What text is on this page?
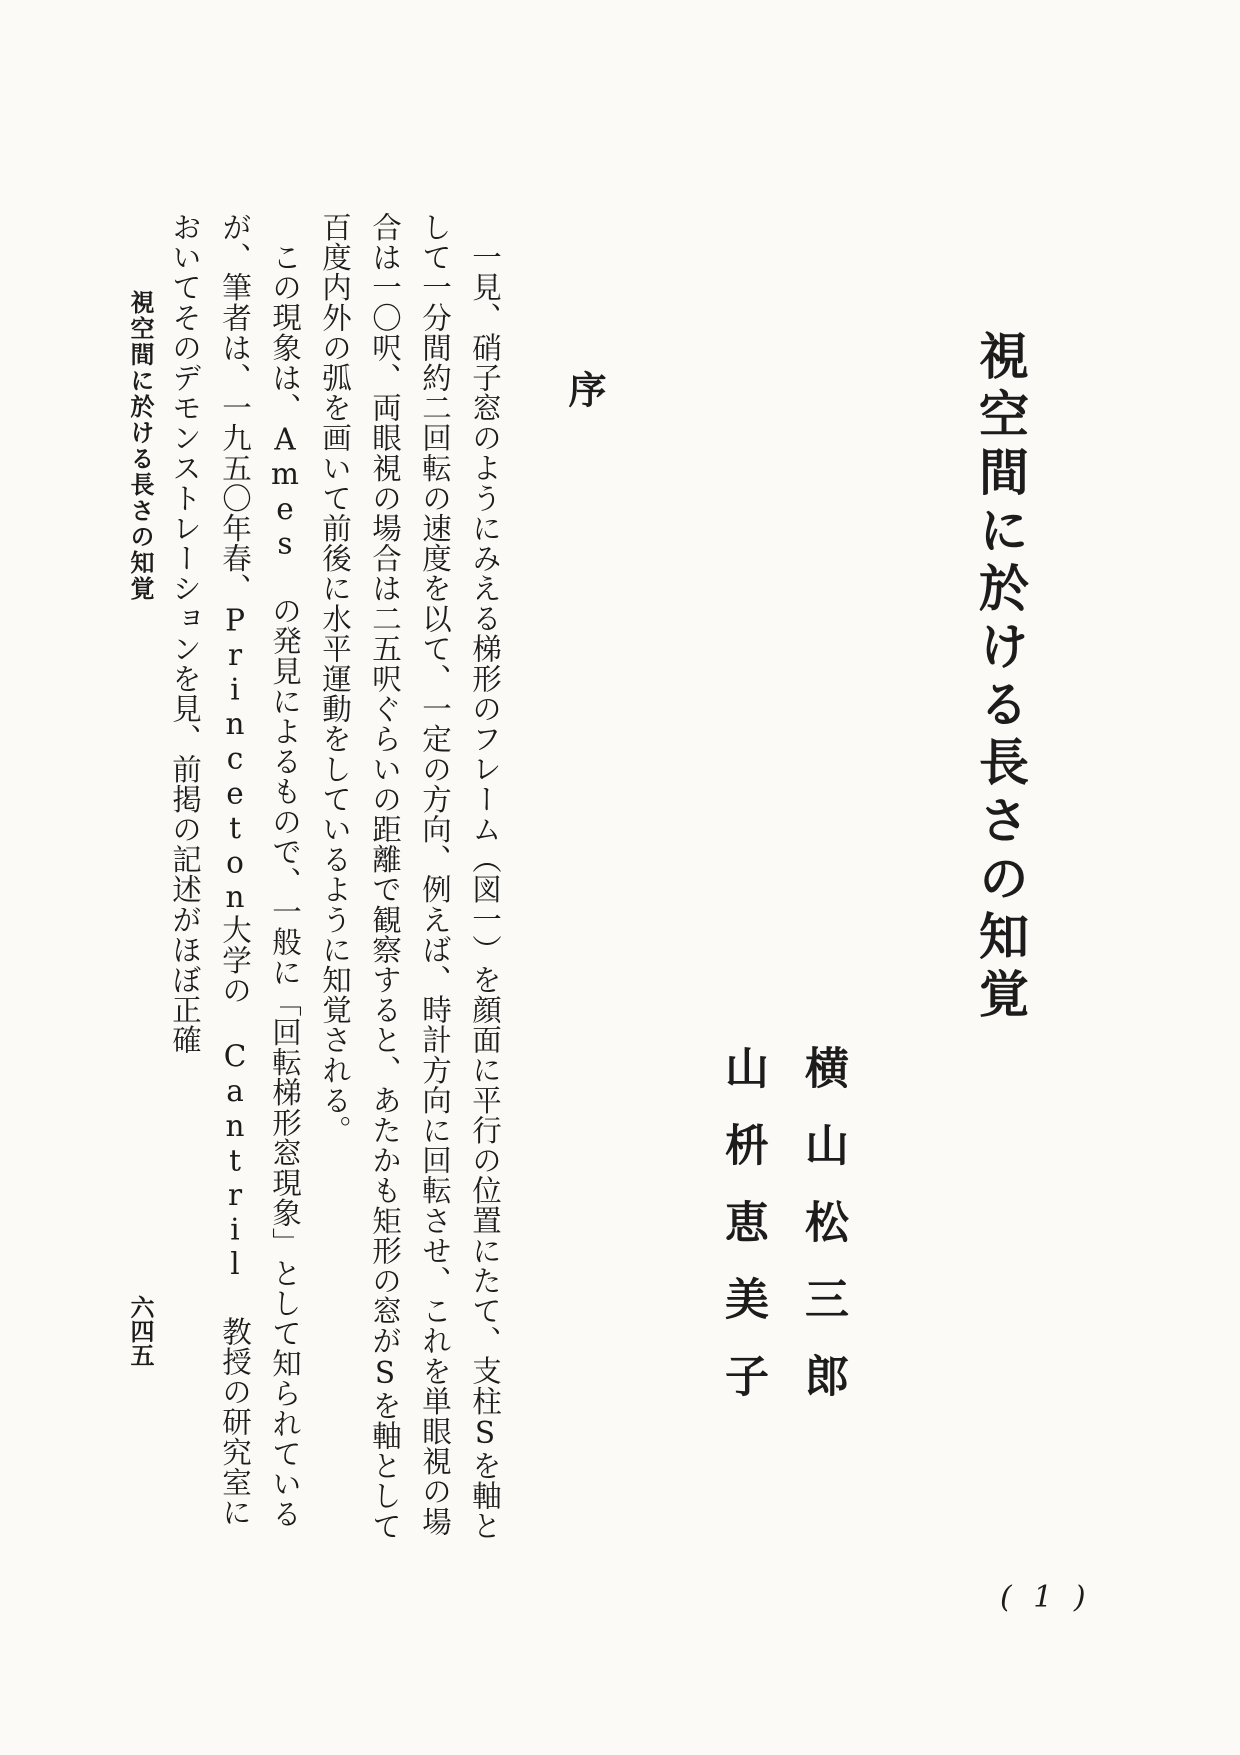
視空間に於ける長さの知覚
横山松三郎
山枡恵美子
序

一見、硝子窓のようにみえる梯形のフレーム（図一）を顔面に平行の位置にたて、支柱Sを軸として一分間約二回転の速度を以て、一定の方向、例えば、時計方向に回転させ、これを単眼視の場合は一〇呎、両眼視の場合は二五呎ぐらいの距離で観察すると、あたかも矩形の窓がSを軸として百度内外の弧を画いて前後に水平運動をしているように知覚される。

この現象は、Ames の発見によるもので、一般に「回転梯形窓現象」として知られているが、筆者は、一九五〇年春、Princeton大学の Cantril 教授の研究室においてそのデモンストレーションを見、前掲の記述がほぼ正確

視空間に於ける長さの知覚
六四五
( 1 )
